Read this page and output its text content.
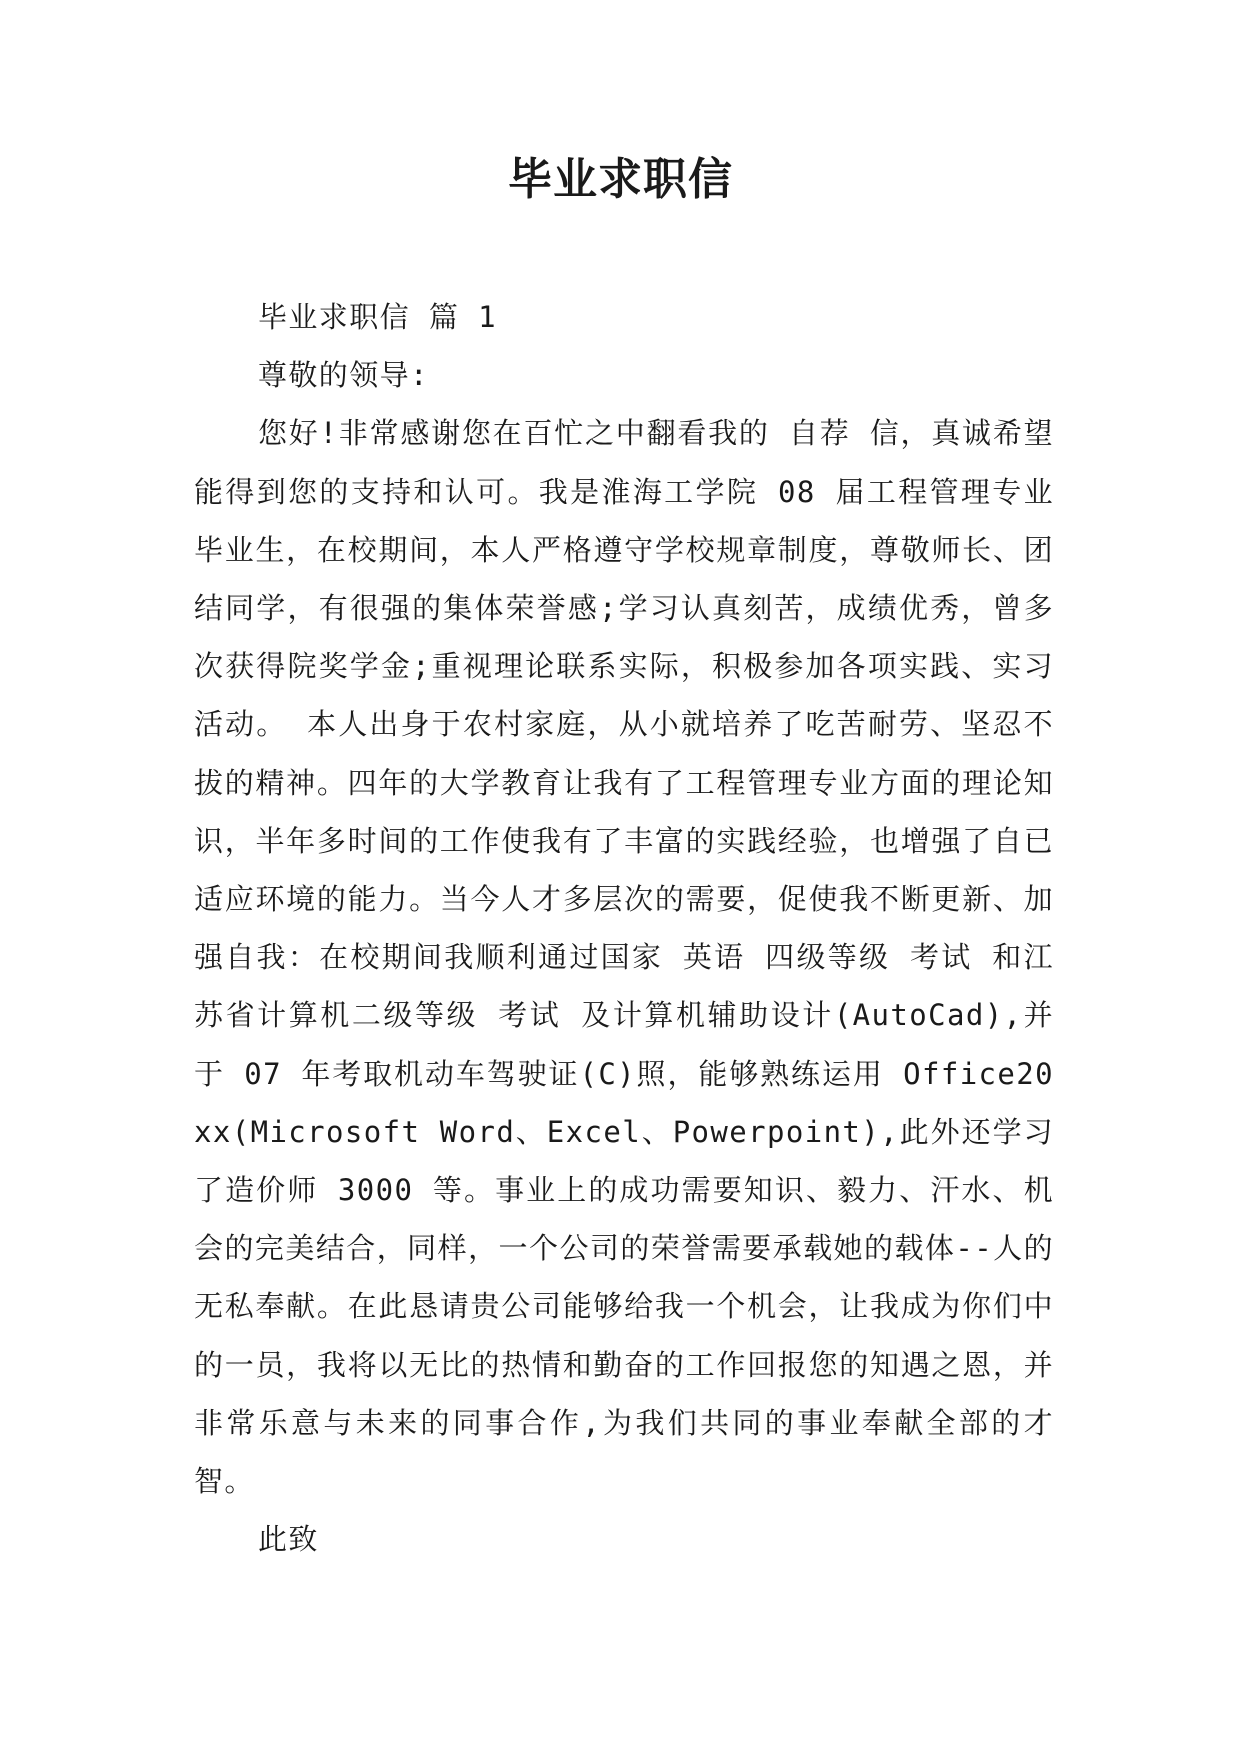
毕业求职信

毕业求职信 篇 1

尊敬的领导:

您好!非常感谢您在百忙之中翻看我的 自荐 信，真诚希望能得到您的支持和认可。我是淮海工学院 08 届工程管理专业毕业生，在校期间，本人严格遵守学校规章制度，尊敬师长、团结同学，有很强的集体荣誉感;学习认真刻苦，成绩优秀，曾多次获得院奖学金;重视理论联系实际，积极参加各项实践、实习活动。 本人出身于农村家庭，从小就培养了吃苦耐劳、坚忍不拔的精神。四年的大学教育让我有了工程管理专业方面的理论知识，半年多时间的工作使我有了丰富的实践经验，也增强了自已适应环境的能力。当今人才多层次的需要，促使我不断更新、加强自我：在校期间我顺利通过国家 英语 四级等级 考试 和江苏省计算机二级等级 考试 及计算机辅助设计(AutoCad),并于 07 年考取机动车驾驶证(C)照，能够熟练运用 Office20xx(Microsoft Word、Excel、Powerpoint),此外还学习了造价师 3000 等。事业上的成功需要知识、毅力、汗水、机会的完美结合，同样，一个公司的荣誉需要承载她的载体--人的无私奉献。在此恳请贵公司能够给我一个机会，让我成为你们中的一员，我将以无比的热情和勤奋的工作回报您的知遇之恩，并非常乐意与未来的同事合作,为我们共同的事业奉献全部的才智。

此致
